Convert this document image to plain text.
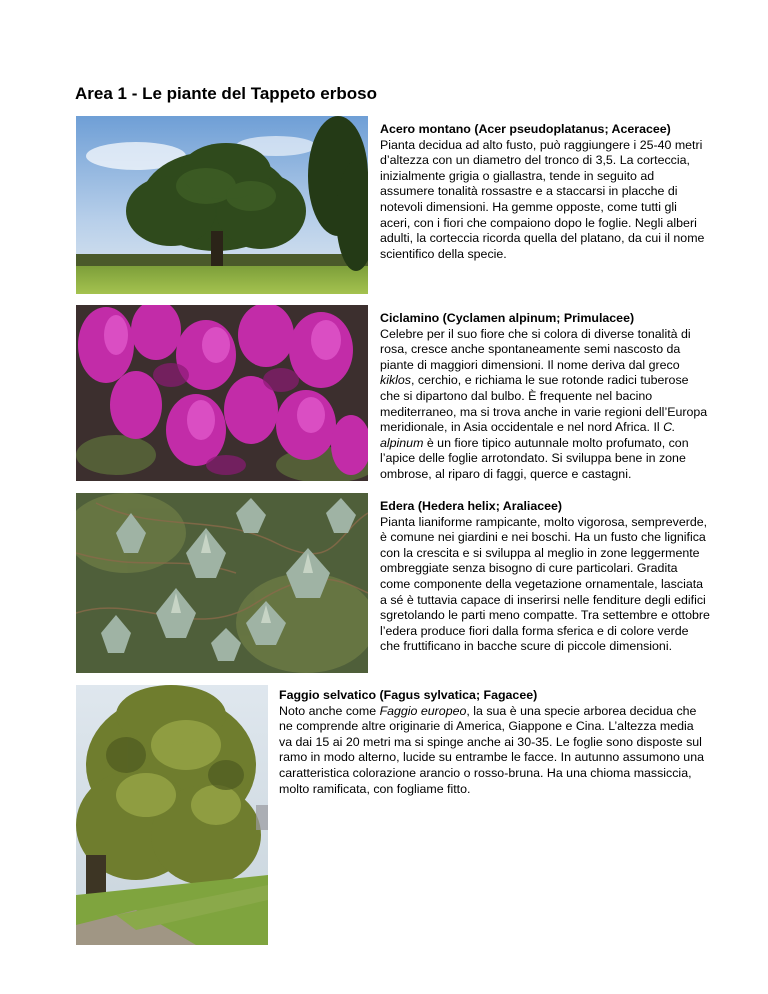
Area 1 - Le piante del Tappeto erboso
Acero montano (Acer pseudoplatanus; Aceracee)

Pianta decidua ad alto fusto, può raggiungere i 25-40 metri d’altezza con un diametro del tronco di 3,5. La corteccia, inizialmente grigia o giallastra, tende in seguito ad assumere tonalità rossastre e a staccarsi in placche di notevoli dimensioni. Ha gemme opposte, come tutti gli aceri, con i fiori che compaiono dopo le foglie. Negli alberi adulti, la corteccia ricorda quella del platano, da cui il nome scientifico della specie.

Ciclamino (Cyclamen alpinum; Primulacee)

Celebre per il suo fiore che si colora di diverse tonalità di rosa, cresce anche spontaneamente semi nascosto da piante di maggiori dimensioni. Il nome deriva dal greco kiklos, cerchio, e richiama le sue rotonde radici tuberose che si dipartono dal bulbo. È frequente nel bacino mediterraneo, ma si trova anche in varie regioni dell’Europa meridionale, in Asia occidentale e nel nord Africa. Il C. alpinum è un fiore tipico autunnale molto profumato, con l’apice delle foglie arrotondato. Si sviluppa bene in zone ombrose, al riparo di faggi, querce e castagni.

Edera (Hedera helix; Araliacee)

Pianta lianiforme rampicante, molto vigorosa, sempreverde, è comune nei giardini e nei boschi. Ha un fusto che lignifica con la crescita e si sviluppa al meglio in zone leggermente ombreggiate senza bisogno di cure particolari. Gradita come componente della vegetazione ornamentale, lasciata a sé è tuttavia capace di inserirsi nelle fenditure degli edifici sgretolando le parti meno compatte. Tra settembre e ottobre l’edera produce fiori dalla forma sferica e di colore verde che fruttificano in bacche scure di piccole dimensioni.

Faggio selvatico (Fagus sylvatica; Fagacee)

Noto anche come Faggio europeo, la sua è una specie arborea decidua che ne comprende altre originarie di America, Giappone e Cina. L’altezza media va dai 15 ai 20 metri ma si spinge anche ai 30-35. Le foglie sono disposte sul ramo in modo alterno, lucide su entrambe le facce. In autunno assumono una caratteristica colorazione arancio o rosso-bruna. Ha una chioma massiccia, molto ramificata, con fogliame fitto.
